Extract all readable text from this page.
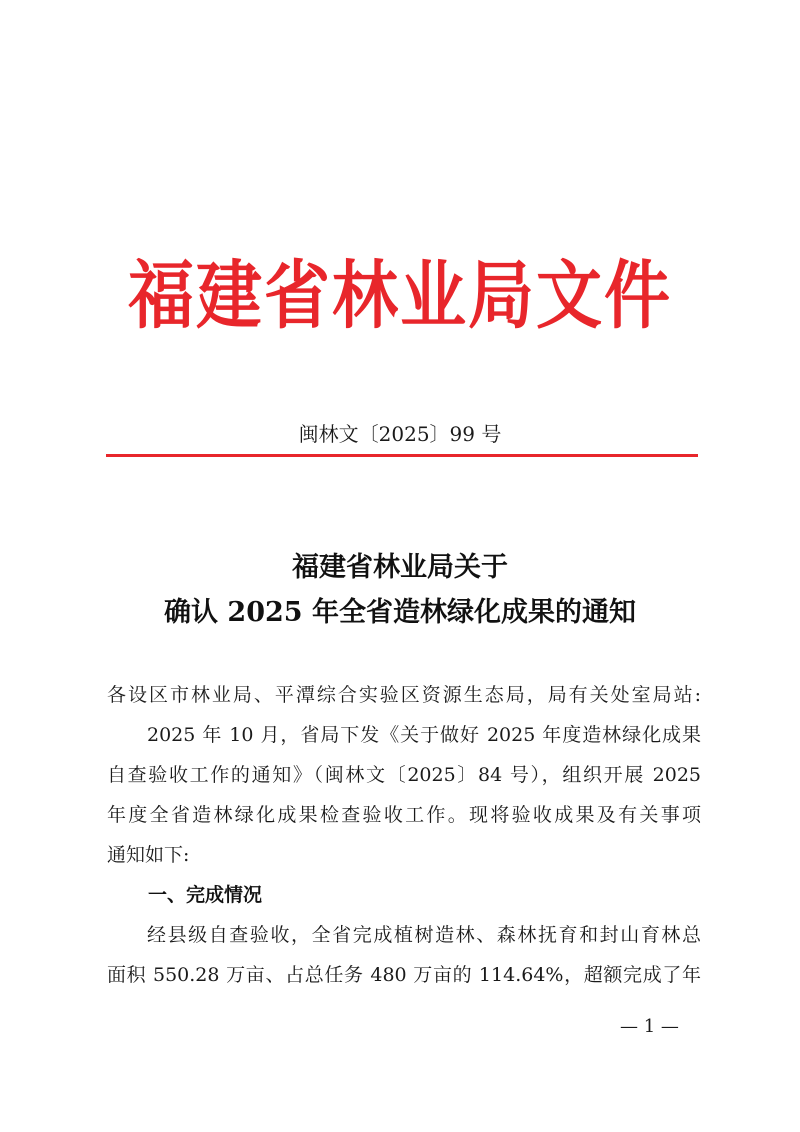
福建省林业局文件
闽林文〔2025〕99 号
福建省林业局关于
确认 2025 年全省造林绿化成果的通知
各设区市林业局、平潭综合实验区资源生态局，局有关处室局站:
2025 年 10 月，省局下发《关于做好 2025 年度造林绿化成果
自查验收工作的通知》（闽林文〔2025〕84 号），组织开展 2025
年度全省造林绿化成果检查验收工作。现将验收成果及有关事项
通知如下:
一、完成情况
经县级自查验收，全省完成植树造林、森林抚育和封山育林总
面积 550.28 万亩、占总任务 480 万亩的 114.64%，超额完成了年
— 1 —
